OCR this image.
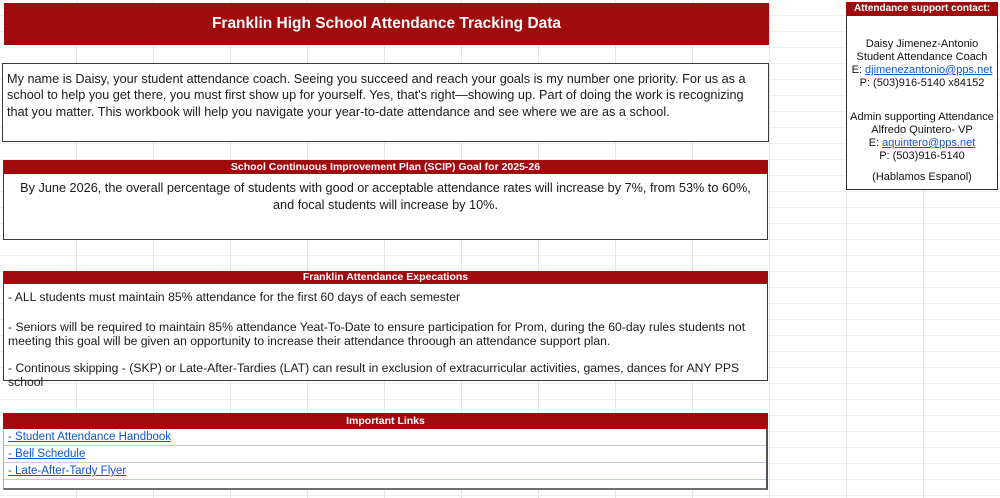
Franklin High School Attendance Tracking Data
My name is Daisy, your student attendance coach. Seeing you succeed and reach your goals is my number one priority. For us as a school to help you get there, you must first show up for yourself. Yes, that's right—showing up. Part of doing the work is recognizing that you matter. This workbook will help you navigate your year-to-date attendance and see where we are as a school.
School Continuous Improvement Plan (SCIP) Goal for 2025-26
By June 2026, the overall percentage of students with good or acceptable attendance rates will increase by 7%, from 53% to 60%, and focal students will increase by 10%.
Franklin Attendance Expecations

- ALL students must maintain 85% attendance for the first 60 days of each semester

- Seniors will be required to maintain 85% attendance Yeat-To-Date to ensure participation for Prom, during the 60-day rules students not meeting this goal will be given an opportunity to increase their attendance throough an attendance support plan.

- Continous skipping - (SKP) or Late-After-Tardies (LAT) can result in exclusion of extracurricular activities, games, dances for ANY PPS school

Important Links
- Student Attendance Handbook
- Bell Schedule
- Late-After-Tardy Flyer
Attendance support contact:
Daisy Jimenez-Antonio
Student Attendance Coach
E: djimenezantonio@pps.net
P: (503)916-5140 x84152
Admin supporting Attendance
Alfredo Quintero- VP
E: aquintero@pps.net
P: (503)916-5140
(Hablamos Espanol)
